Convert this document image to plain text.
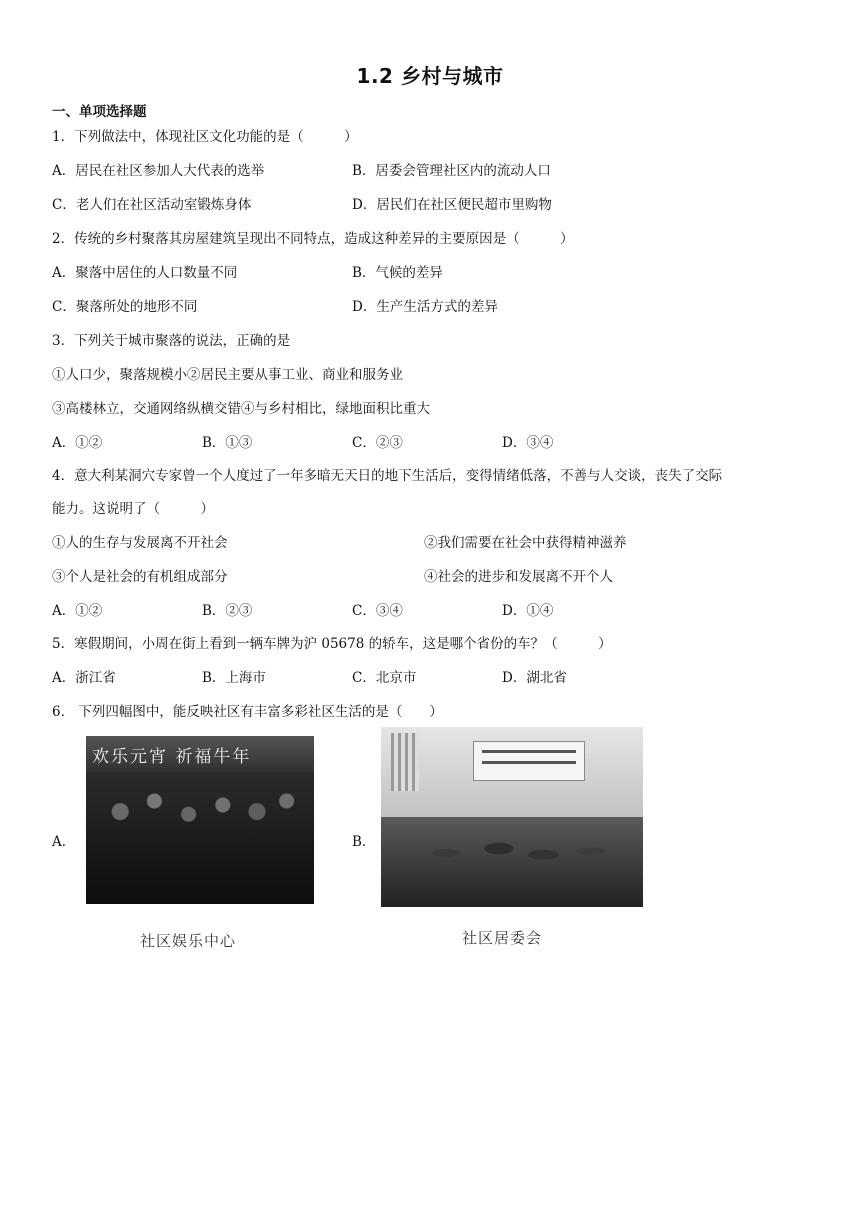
1.2 乡村与城市
一、单项选择题
1．下列做法中，体现社区文化功能的是（　　　）
A．居民在社区参加人大代表的选举	B．居委会管理社区内的流动人口
C．老人们在社区活动室锻炼身体	D．居民们在社区便民超市里购物
2．传统的乡村聚落其房屋建筑呈现出不同特点，造成这种差异的主要原因是（　　　）
A．聚落中居住的人口数量不同	B．气候的差异
C．聚落所处的地形不同	D．生产生活方式的差异
3．下列关于城市聚落的说法，正确的是
①人口少，聚落规模小②居民主要从事工业、商业和服务业
③高楼林立，交通网络纵横交错④与乡村相比，绿地面积比重大
A．①②	B．①③	C．②③	D．③④
4．意大利某洞穴专家曾一个人度过了一年多暗无天日的地下生活后，变得情绪低落，不善与人交谈，丧失了交际
能力。这说明了（　　　）
①人的生存与发展离不开社会	②我们需要在社会中获得精神滋养
③个人是社会的有机组成部分	④社会的进步和发展离不开个人
A．①②	B．②③	C．③④	D．①④
5．寒假期间，小周在街上看到一辆车牌为沪 05678 的轿车，这是哪个省份的车？（　　　）
A．浙江省	B．上海市	C．北京市	D．湖北省
6． 下列四幅图中，能反映社区有丰富多彩社区生活的是（　　）
A．
欢乐元宵 祈福牛年
社区娱乐中心
B．
社区居委会
